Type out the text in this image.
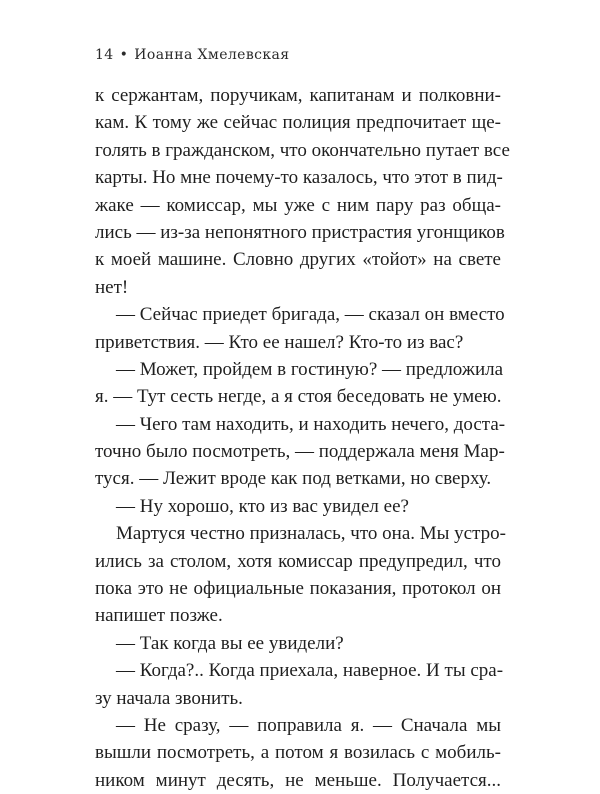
14 • Иоанна Хмелевская
к сержантам, поручикам, капитанам и полковни-
кам. К тому же сейчас полиция предпочитает ще-
голять в гражданском, что окончательно путает все
карты. Но мне почему-то казалось, что этот в пид-
жаке — комиссар, мы уже с ним пару раз обща-
лись — из-за непонятного пристрастия угонщиков
к моей машине. Словно других «тойот» на свете
нет!
— Сейчас приедет бригада, — сказал он вместо
приветствия. — Кто ее нашел? Кто-то из вас?
— Может, пройдем в гостиную? — предложила
я. — Тут сесть негде, а я стоя беседовать не умею.
— Чего там находить, и находить нечего, доста-
точно было посмотреть, — поддержала меня Мар-
туся. — Лежит вроде как под ветками, но сверху.
— Ну хорошо, кто из вас увидел ее?
Мартуся честно призналась, что она. Мы устро-
ились за столом, хотя комиссар предупредил, что
пока это не официальные показания, протокол он
напишет позже.
— Так когда вы ее увидели?
— Когда?.. Когда приехала, наверное. И ты сра-
зу начала звонить.
— Не сразу, — поправила я. — Сначала мы
вышли посмотреть, а потом я возилась с мобиль-
ником минут десять, не меньше. Получается...
